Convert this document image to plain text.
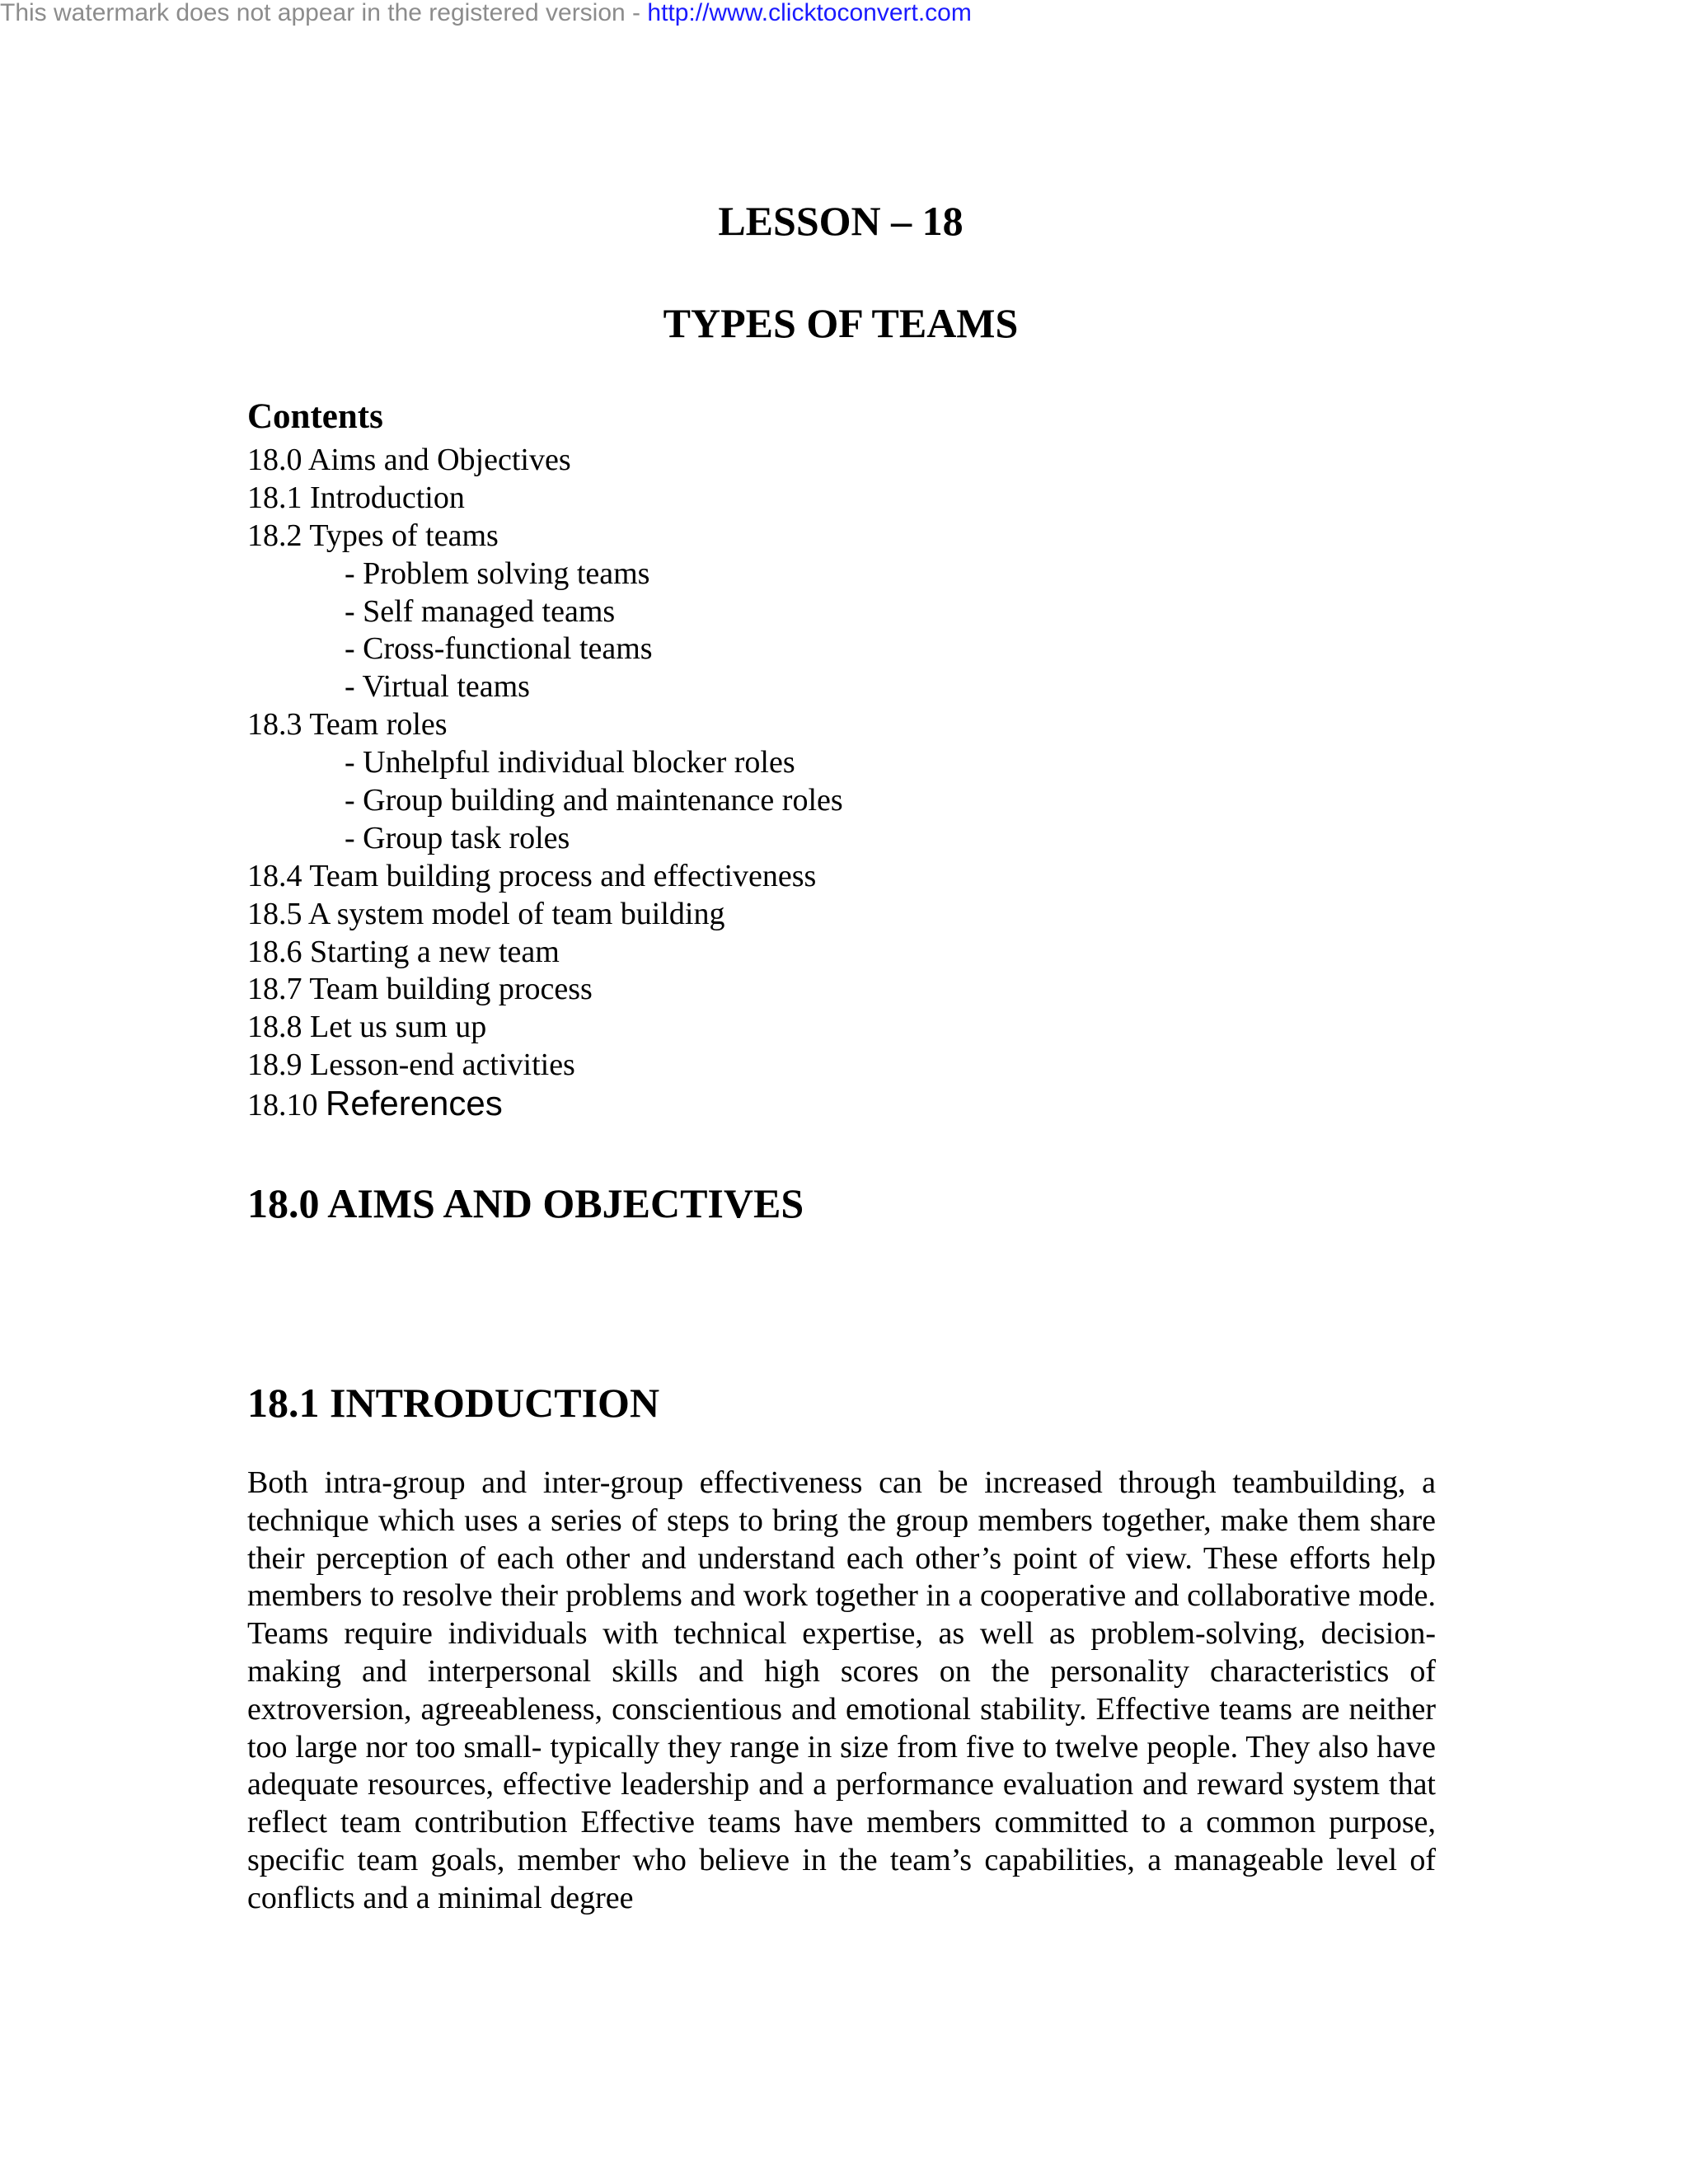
This watermark does not appear in the registered version - http://www.clicktoconvert.com
LESSON – 18
TYPES OF TEAMS
Contents
18.0 Aims and Objectives
18.1 Introduction
18.2 Types of teams
- Problem solving teams
- Self managed teams
- Cross-functional teams
- Virtual teams
18.3 Team roles
- Unhelpful individual blocker roles
- Group building and maintenance roles
- Group task roles
18.4 Team building process and effectiveness
18.5 A system model of team building
18.6 Starting a new team
18.7 Team building process
18.8 Let us sum up
18.9 Lesson-end activities
18.10 References
18.0 AIMS AND OBJECTIVES
18.1 INTRODUCTION

Both intra-group and inter-group effectiveness can be increased through teambuilding, a technique which uses a series of steps to bring the group members together, make them share their perception of each other and understand each other’s point of view. These efforts help members to resolve their problems and work together in a cooperative and collaborative mode. Teams require individuals with technical expertise, as well as problem-solving, decision-making and interpersonal skills and high scores on the personality characteristics of extroversion, agreeableness, conscientious and emotional stability. Effective teams are neither too large nor too small- typically they range in size from five to twelve people. They also have adequate resources, effective leadership and a performance evaluation and reward system that reflect team contribution Effective teams have members committed to a common purpose, specific team goals, member who believe in the team’s capabilities, a manageable level of conflicts and a minimal degree
